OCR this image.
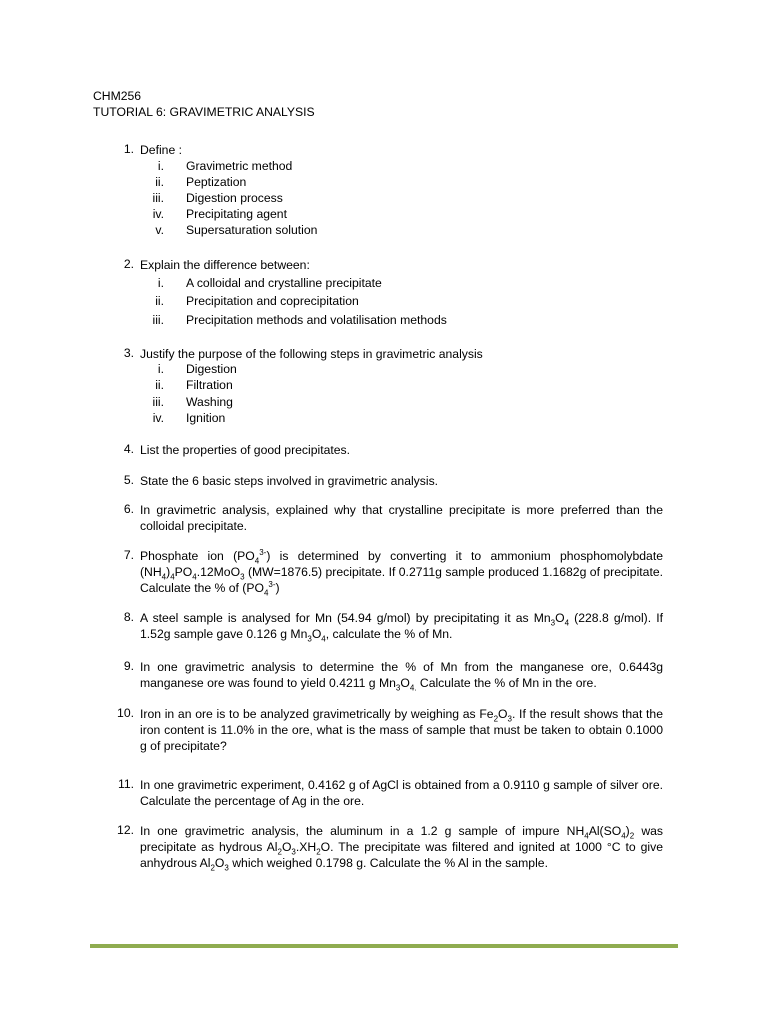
CHM256
TUTORIAL 6: GRAVIMETRIC ANALYSIS
1. Define :
i. Gravimetric method
ii. Peptization
iii. Digestion process
iv. Precipitating agent
v. Supersaturation solution
2. Explain the difference between:
i. A colloidal and crystalline precipitate
ii. Precipitation and coprecipitation
iii. Precipitation methods and volatilisation methods
3. Justify the purpose of the following steps in gravimetric analysis
i. Digestion
ii. Filtration
iii. Washing
iv. Ignition
4. List the properties of good precipitates.
5. State the 6 basic steps involved in gravimetric analysis.
6. In gravimetric analysis, explained why that crystalline precipitate is more preferred than the colloidal precipitate.
7. Phosphate ion $(PO_4^{3-})$ is determined by converting it to ammonium phosphomolybdate $(NH_4)_4PO_4.12MoO_3$ (MW=1876.5) precipitate. If 0.2711g sample produced 1.1682g of precipitate. Calculate the % of $(PO_4^{3-})$
8. A steel sample is analysed for Mn (54.94 g/mol) by precipitating it as $Mn_3O_4$ (228.8 g/mol). If 1.52g sample gave 0.126 g $Mn_3O_4$, calculate the % of Mn.
9. In one gravimetric analysis to determine the % of Mn from the manganese ore, 0.6443g manganese ore was found to yield 0.4211 g $Mn_3O_{4.}$ Calculate the % of Mn in the ore.
10. Iron in an ore is to be analyzed gravimetrically by weighing as $Fe_2O_3$. If the result shows that the iron content is 11.0% in the ore, what is the mass of sample that must be taken to obtain 0.1000 g of precipitate?
11. In one gravimetric experiment, 0.4162 g of AgCl is obtained from a 0.9110 g sample of silver ore. Calculate the percentage of Ag in the ore.
12. In one gravimetric analysis, the aluminum in a 1.2 g sample of impure $NH_4Al(SO_4)_2$ was precipitate as hydrous $Al_2O_3.XH_2O$. The precipitate was filtered and ignited at 1000 °C to give anhydrous $Al_2O_3$ which weighed 0.1798 g. Calculate the % Al in the sample.
